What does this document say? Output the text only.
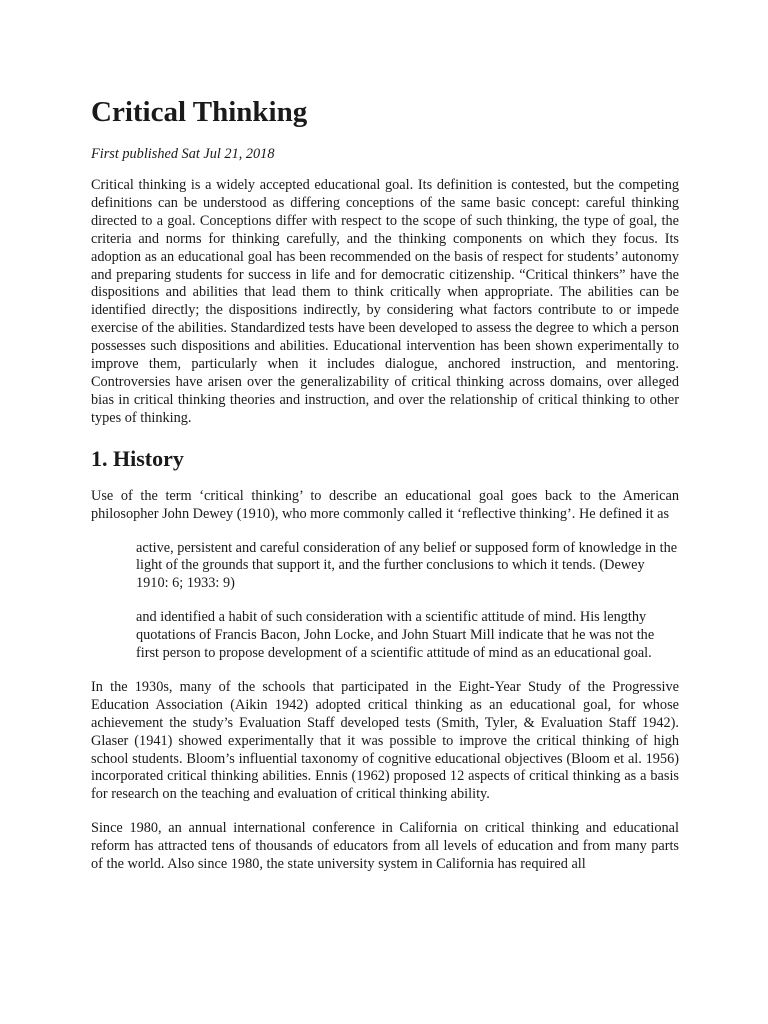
Critical Thinking
First published Sat Jul 21, 2018

Critical thinking is a widely accepted educational goal. Its definition is contested, but the competing definitions can be understood as differing conceptions of the same basic concept: careful thinking directed to a goal. Conceptions differ with respect to the scope of such thinking, the type of goal, the criteria and norms for thinking carefully, and the thinking components on which they focus. Its adoption as an educational goal has been recommended on the basis of respect for students’ autonomy and preparing students for success in life and for democratic citizenship. “Critical thinkers” have the dispositions and abilities that lead them to think critically when appropriate. The abilities can be identified directly; the dispositions indirectly, by considering what factors contribute to or impede exercise of the abilities. Standardized tests have been developed to assess the degree to which a person possesses such dispositions and abilities. Educational intervention has been shown experimentally to improve them, particularly when it includes dialogue, anchored instruction, and mentoring. Controversies have arisen over the generalizability of critical thinking across domains, over alleged bias in critical thinking theories and instruction, and over the relationship of critical thinking to other types of thinking.

1. History

Use of the term ‘critical thinking’ to describe an educational goal goes back to the American philosopher John Dewey (1910), who more commonly called it ‘reflective thinking’. He defined it as

active, persistent and careful consideration of any belief or supposed form of knowledge in the light of the grounds that support it, and the further conclusions to which it tends. (Dewey 1910: 6; 1933: 9)

and identified a habit of such consideration with a scientific attitude of mind. His lengthy quotations of Francis Bacon, John Locke, and John Stuart Mill indicate that he was not the first person to propose development of a scientific attitude of mind as an educational goal.

In the 1930s, many of the schools that participated in the Eight-Year Study of the Progressive Education Association (Aikin 1942) adopted critical thinking as an educational goal, for whose achievement the study’s Evaluation Staff developed tests (Smith, Tyler, & Evaluation Staff 1942). Glaser (1941) showed experimentally that it was possible to improve the critical thinking of high school students. Bloom’s influential taxonomy of cognitive educational objectives (Bloom et al. 1956) incorporated critical thinking abilities. Ennis (1962) proposed 12 aspects of critical thinking as a basis for research on the teaching and evaluation of critical thinking ability.

Since 1980, an annual international conference in California on critical thinking and educational reform has attracted tens of thousands of educators from all levels of education and from many parts of the world. Also since 1980, the state university system in California has required all
